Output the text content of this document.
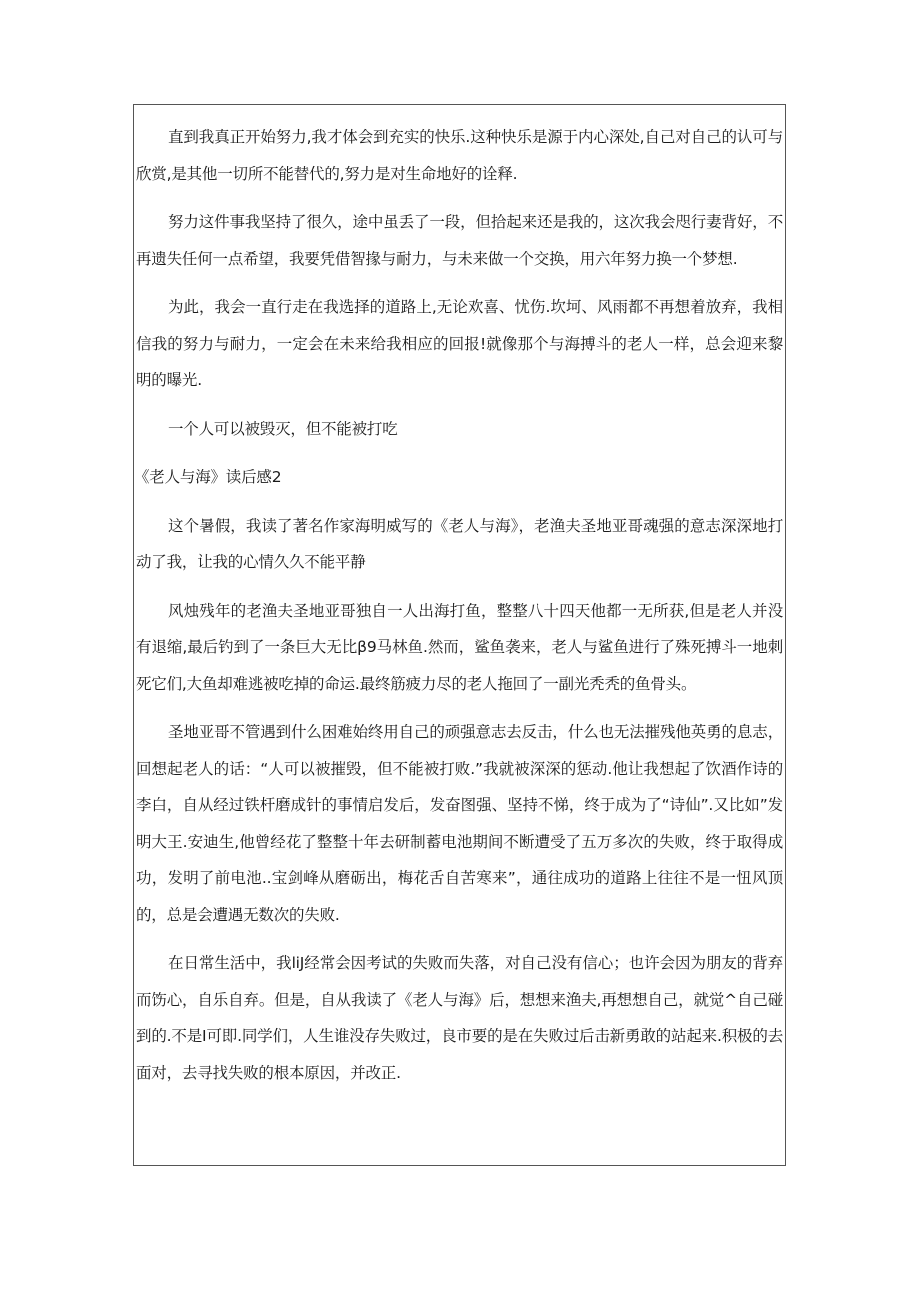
直到我真正开始努力,我才体会到充实的快乐.这种快乐是源于内心深处,自己对自己的认可与欣赏,是其他一切所不能替代的,努力是对生命地好的诠释.

努力这件事我坚持了很久，途中虽丢了一段，但拾起来还是我的，这次我会咫行妻背好，不再遗失任何一点希望，我要凭借智掾与耐力，与未来做一个交换，用六年努力换一个梦想.

为此，我会一直行走在我选择的道路上,无论欢喜、忧伤.坎坷、风雨都不再想着放弃，我相信我的努力与耐力，一定会在未来给我相应的回报!就像那个与海搏斗的老人一样，总会迎来黎明的曝光.

一个人可以被毁灭，但不能被打吃

《老人与海》读后感2

这个暑假，我读了著名作家海明威写的《老人与海》，老渔夫圣地亚哥魂强的意志深深地打动了我，让我的心情久久不能平静

风烛残年的老渔夫圣地亚哥独自一人出海打鱼，整整八十四天他都一无所获,但是老人并没有退缩,最后钓到了一条巨大无比β9马林鱼.然而，鲨鱼袭来，老人与鲨鱼进行了殊死搏斗一地刺死它们,大鱼却难逃被吃掉的命运.最终筋疲力尽的老人拖回了一副光秃秃的鱼骨头。

圣地亚哥不管遇到什么困难始终用自己的顽强意志去反击，什么也无法摧残他英勇的息志，回想起老人的话：“人可以被摧毁，但不能被打败.”我就被深深的惩动.他让我想起了饮酒作诗的李白，自从经过铁杆磨成针的事情启发后，发奋图强、坚持不悌，终于成为了“诗仙”.又比如”发明大王.安迪生,他曾经花了整整十年去研制蓄电池期间不断遭受了五万多次的失败，终于取得成功，发明了前电池..宝剑峰从磨砺出，梅花舌自苦寒来”，通往成功的道路上往往不是一忸风顶的，总是会遭遇无数次的失败.

在日常生活中，我liJ经常会因考试的失败而失落，对自己没有信心；也许会因为朋友的背弃而饬心，自乐自弃。但是，自从我读了《老人与海》后，想想来渔夫,再想想自己，就觉^自己碰到的.不是I可即.同学们，人生谁没存失败过，良市要的是在失败过后击新勇敢的站起来.积极的去面对，去寻找失败的根本原因，并改正.
